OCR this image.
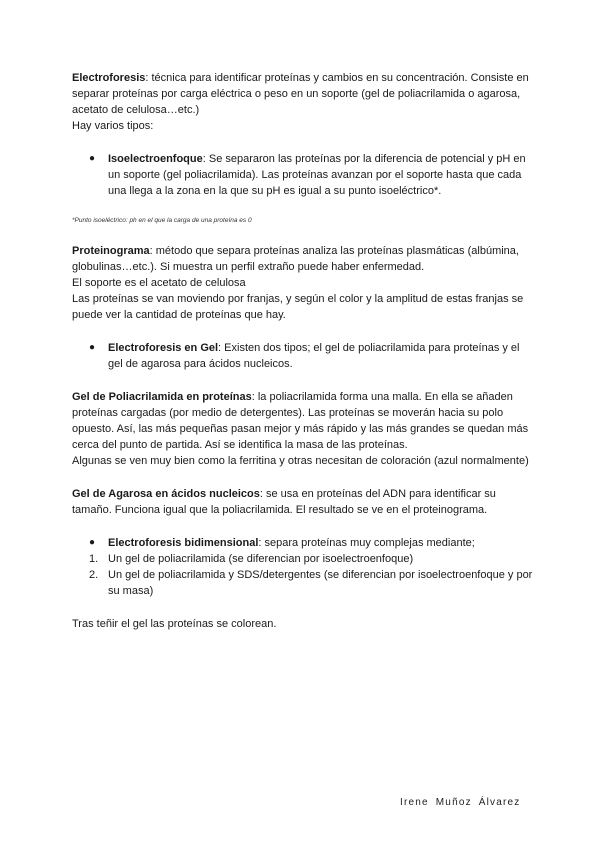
Electroforesis: técnica para identificar proteínas y cambios en su concentración. Consiste en separar proteínas por carga eléctrica o peso en un soporte (gel de poliacrilamida o agarosa, acetato de celulosa…etc.)

Hay varios tipos:

● Isoelectroenfoque: Se separaron las proteínas por la diferencia de potencial y pH en un soporte (gel poliacrilamida). Las proteínas avanzan por el soporte hasta que cada una llega a la zona en la que su pH es igual a su punto isoeléctrico*.

*Punto isoeléctrico: ph en el que la carga de una proteína es 0

Proteinograma: método que separa proteínas analiza las proteínas plasmáticas (albúmina, globulinas…etc.). Si muestra un perfil extraño puede haber enfermedad.

El soporte es el acetato de celulosa

Las proteínas se van moviendo por franjas, y según el color y la amplitud de estas franjas se puede ver la cantidad de proteínas que hay.

● Electroforesis en Gel: Existen dos tipos; el gel de poliacrilamida para proteínas y el gel de agarosa para ácidos nucleicos.

Gel de Poliacrilamida en proteínas: la poliacrilamida forma una malla. En ella se añaden proteínas cargadas (por medio de detergentes). Las proteínas se moverán hacia su polo opuesto. Así, las más pequeñas pasan mejor y más rápido y las más grandes se quedan más cerca del punto de partida. Así se identifica la masa de las proteínas.

Algunas se ven muy bien como la ferritina y otras necesitan de coloración (azul normalmente)

Gel de Agarosa en ácidos nucleicos: se usa en proteínas del ADN para identificar su tamaño. Funciona igual que la poliacrilamida. El resultado se ve en el proteinograma.

● Electroforesis bidimensional: separa proteínas muy complejas mediante;

1. Un gel de poliacrilamida (se diferencian por isoelectroenfoque)

2. Un gel de poliacrilamida y SDS/detergentes (se diferencian por isoelectroenfoque y por su masa)

Tras teñir el gel las proteínas se colorean.

Irene Muñoz Álvarez
